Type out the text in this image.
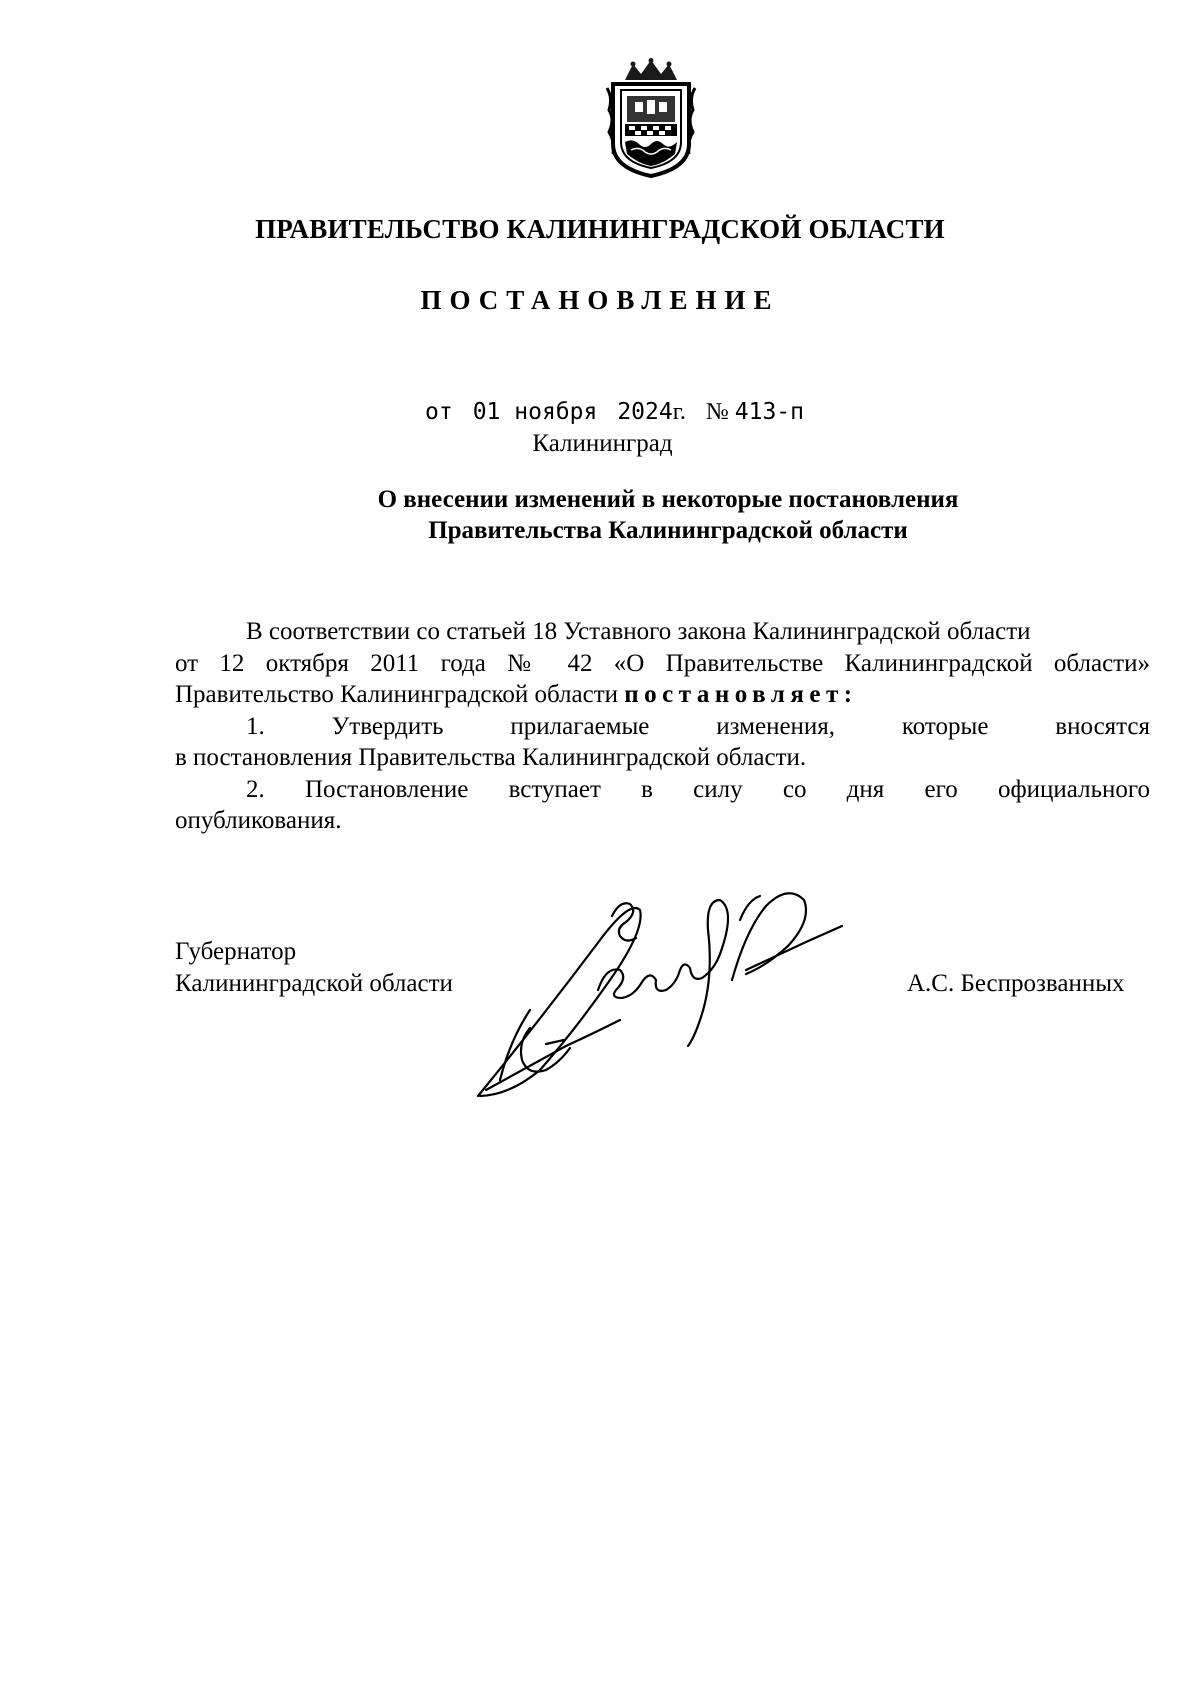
ПРАВИТЕЛЬСТВО КАЛИНИНГРАДСКОЙ ОБЛАСТИ
ПОСТАНОВЛЕНИЕ
от 01 ноября 2024г. № 413-п
Калининград
О внесении изменений в некоторые постановления
Правительства Калининградской области

В соответствии со статьей 18 Уставного закона Калининградской области

от 12 октября 2011 года № 42 «О Правительстве Калининградской области»

Правительство Калининградской области постановляет:

1. Утвердить прилагаемые изменения, которые вносятся

в постановления Правительства Калининградской области.

2. Постановление вступает в силу со дня его официального

опубликования.

Губернатор
Калининградской области	А.С. Беспрозванных
